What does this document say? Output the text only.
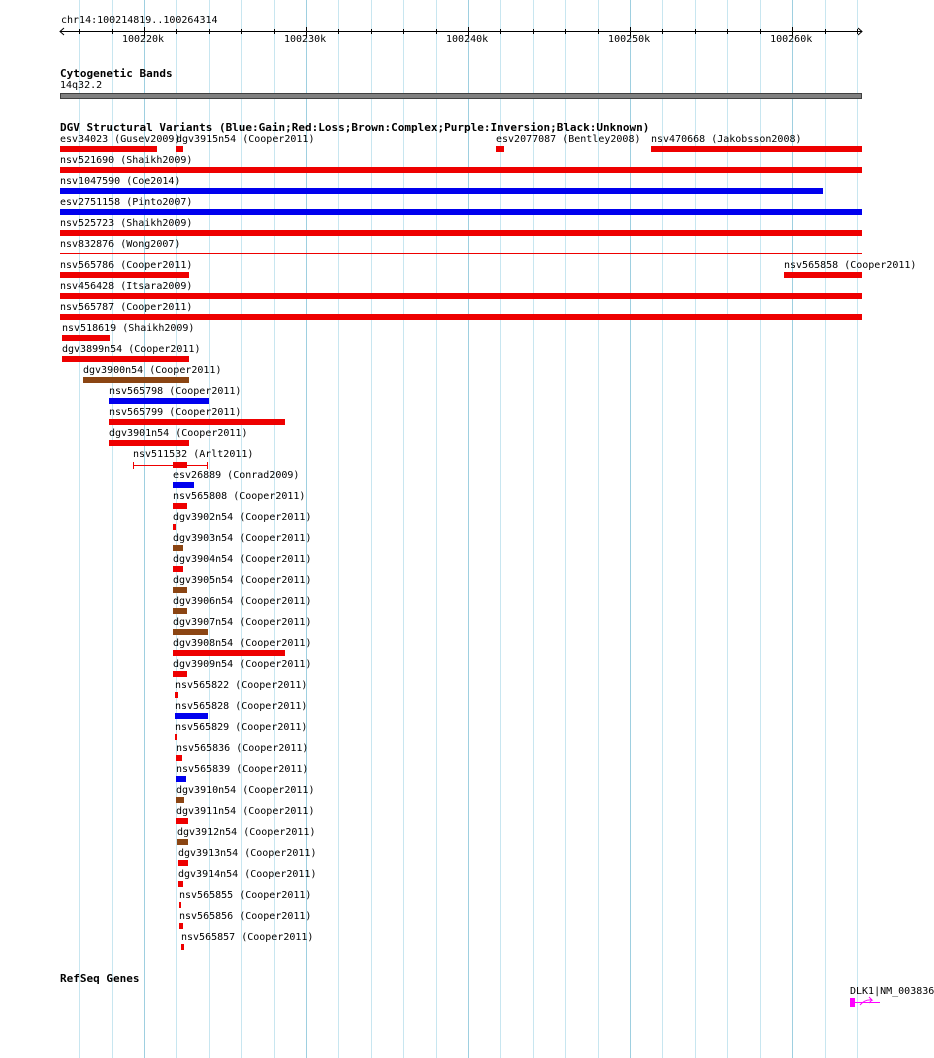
chr14:100214819..100264314
100220k	100230k	100240k	100250k	100260k
Cytogenetic Bands
14q32.2
DGV Structural Variants (Blue:Gain;Red:Loss;Brown:Complex;Purple:Inversion;Black:Unknown)
esv34023 (Gusev2009)
dgv3915n54 (Cooper2011)	esv2077087 (Bentley2008) nsv470668 (Jakobsson2008)
nsv521690 (Shaikh2009)
nsv1047590 (Coe2014)
esv2751158 (Pinto2007)
nsv525723 (Shaikh2009)
nsv832876 (Wong2007)
nsv565786 (Cooper2011)	nsv565858 (Cooper2011)
nsv456428 (Itsara2009)
nsv565787 (Cooper2011)
nsv518619 (Shaikh2009)
dgv3899n54 (Cooper2011)
dgv3900n54 (Cooper2011)
nsv565798 (Cooper2011)
nsv565799 (Cooper2011)
dgv3901n54 (Cooper2011)
nsv511532 (Arlt2011)
esv26889 (Conrad2009)
nsv565808 (Cooper2011)
dgv3902n54 (Cooper2011)
dgv3903n54 (Cooper2011)
dgv3904n54 (Cooper2011)
dgv3905n54 (Cooper2011)
dgv3906n54 (Cooper2011)
dgv3907n54 (Cooper2011)
dgv3908n54 (Cooper2011)
dgv3909n54 (Cooper2011)
nsv565822 (Cooper2011)
nsv565828 (Cooper2011)
nsv565829 (Cooper2011)
nsv565836 (Cooper2011)
nsv565839 (Cooper2011)
dgv3910n54 (Cooper2011)
dgv3911n54 (Cooper2011)
dgv3912n54 (Cooper2011)
dgv3913n54 (Cooper2011)
dgv3914n54 (Cooper2011)
nsv565855 (Cooper2011)
nsv565856 (Cooper2011)
nsv565857 (Cooper2011)
RefSeq Genes
DLK1|NM_003836
